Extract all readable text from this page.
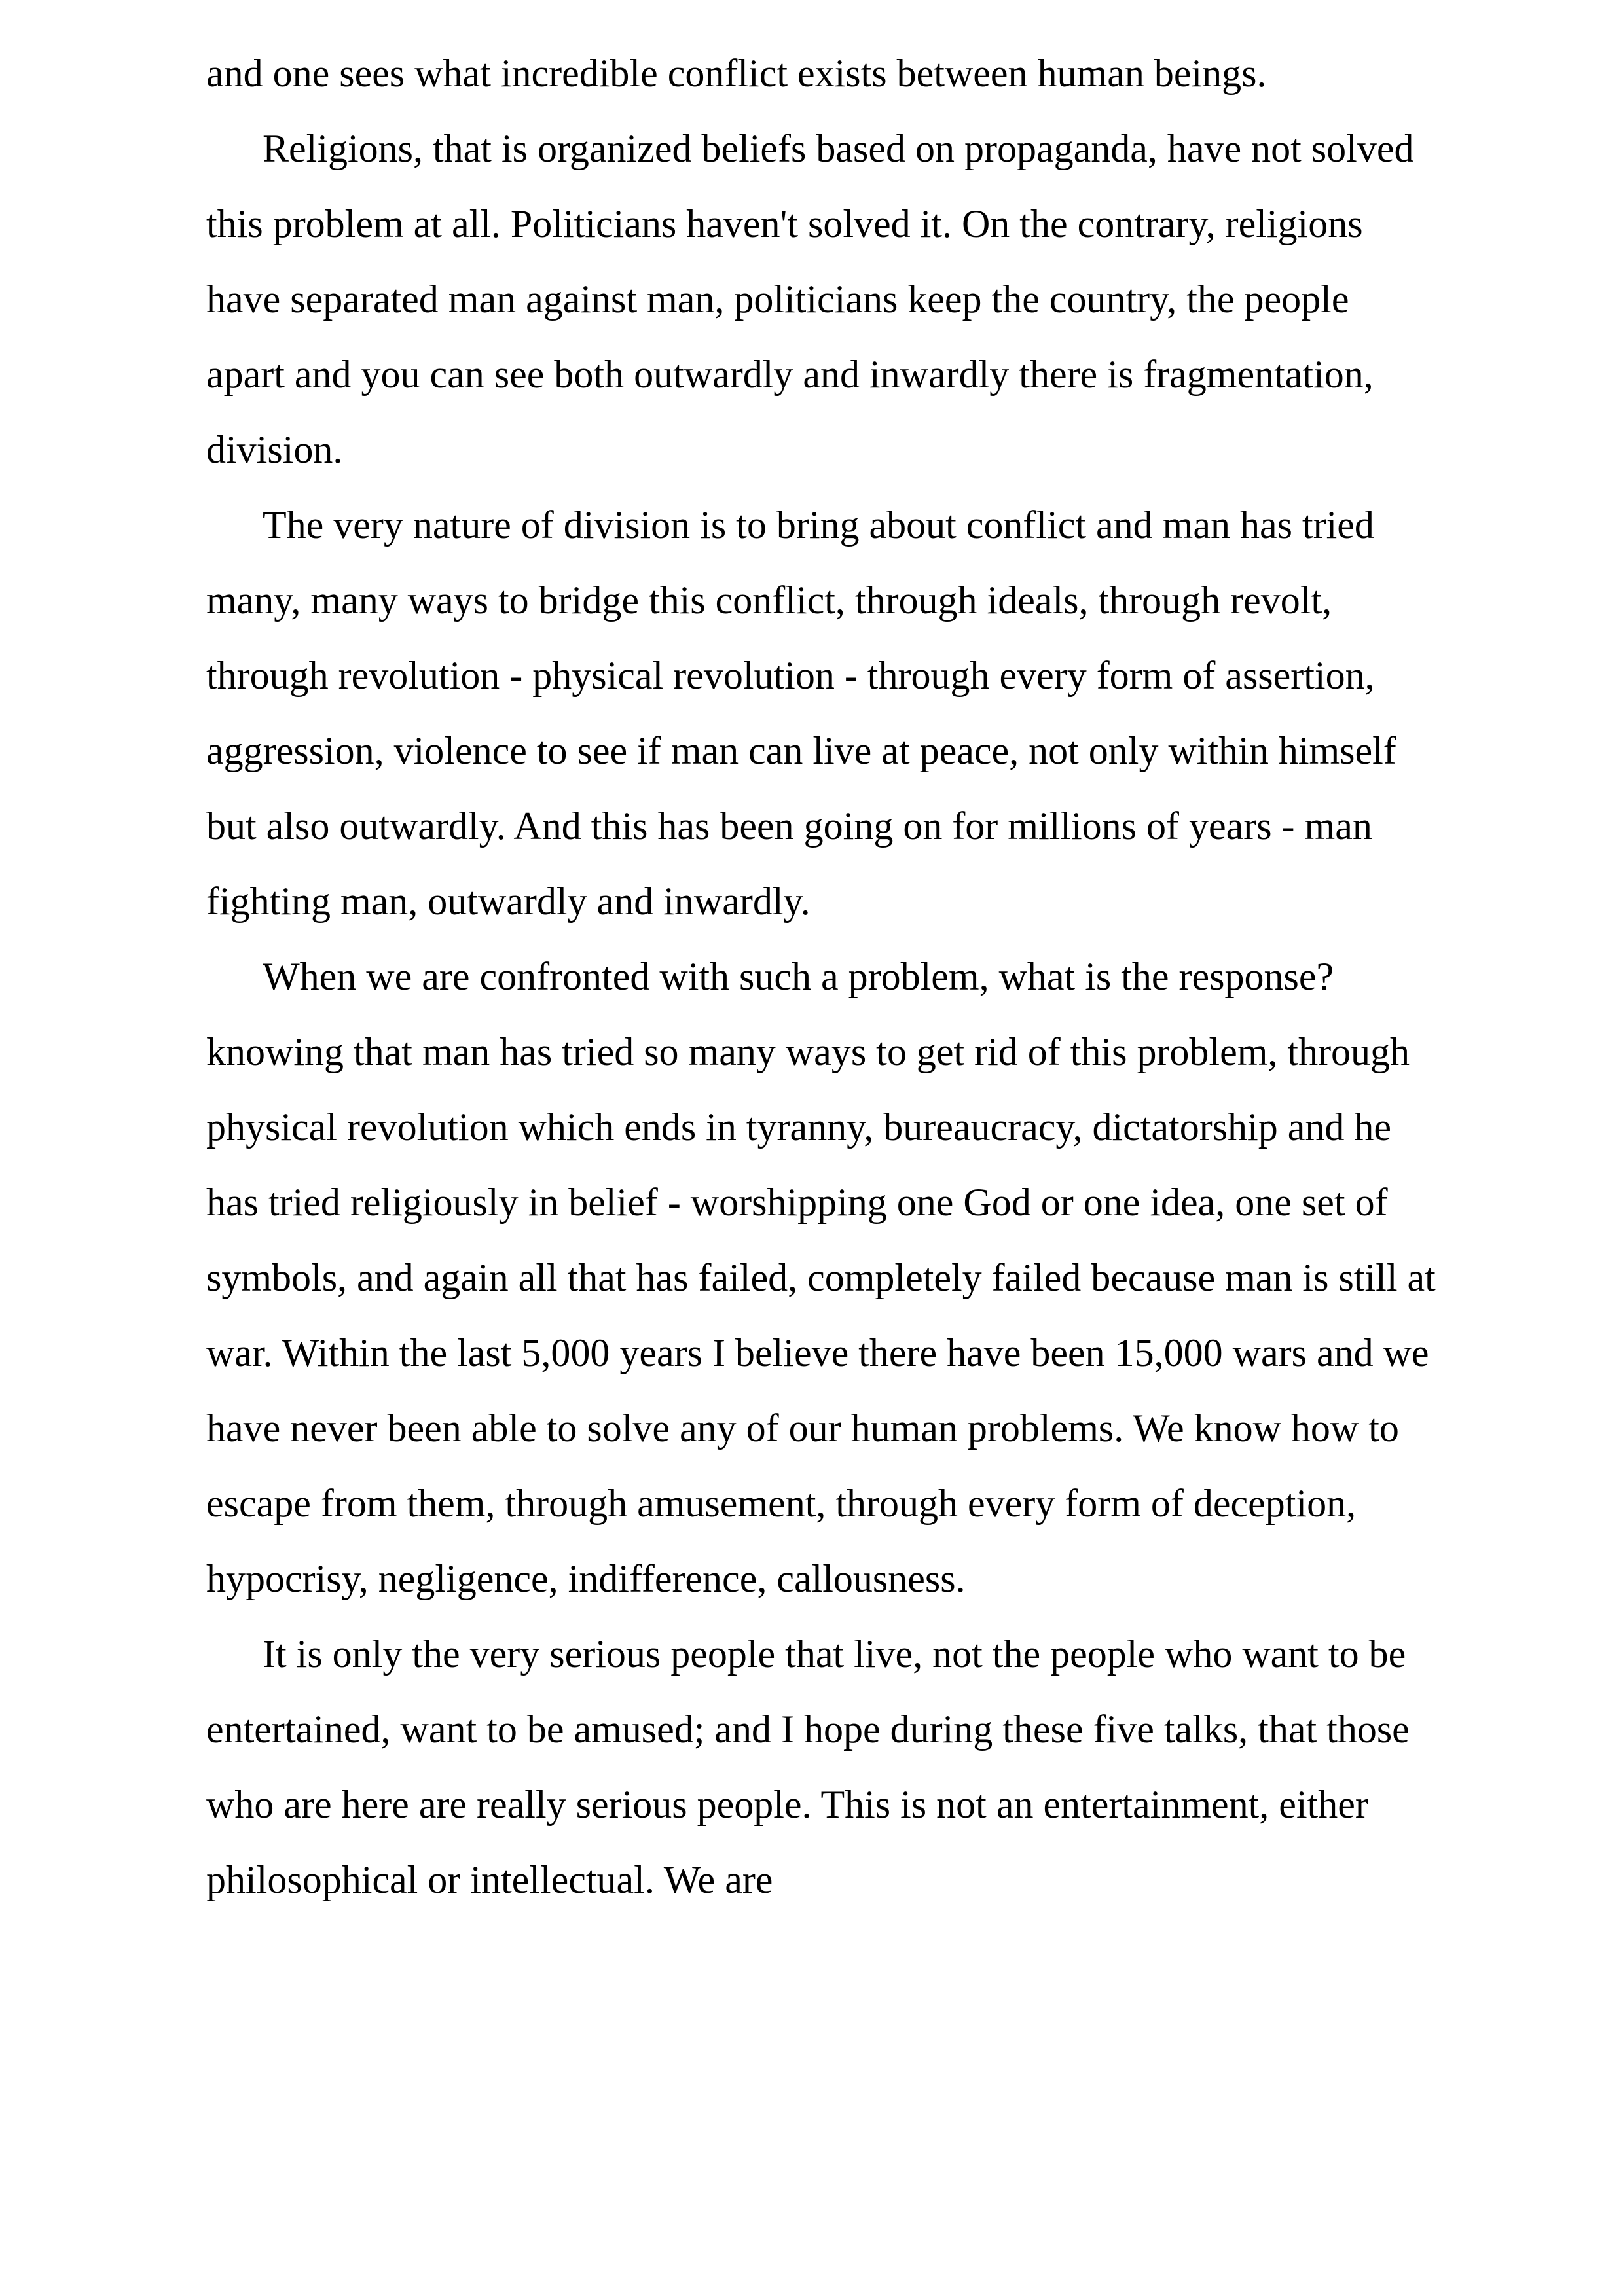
and one sees what incredible conflict exists between human beings.

Religions, that is organized beliefs based on propaganda, have not solved this problem at all. Politicians haven't solved it. On the contrary, religions have separated man against man, politicians keep the country, the people apart and you can see both outwardly and inwardly there is fragmentation, division.

The very nature of division is to bring about conflict and man has tried many, many ways to bridge this conflict, through ideals, through revolt, through revolution - physical revolution - through every form of assertion, aggression, violence to see if man can live at peace, not only within himself but also outwardly. And this has been going on for millions of years - man fighting man, outwardly and inwardly.

When we are confronted with such a problem, what is the response? knowing that man has tried so many ways to get rid of this problem, through physical revolution which ends in tyranny, bureaucracy, dictatorship and he has tried religiously in belief - worshipping one God or one idea, one set of symbols, and again all that has failed, completely failed because man is still at war. Within the last 5,000 years I believe there have been 15,000 wars and we have never been able to solve any of our human problems. We know how to escape from them, through amusement, through every form of deception, hypocrisy, negligence, indifference, callousness.

It is only the very serious people that live, not the people who want to be entertained, want to be amused; and I hope during these five talks, that those who are here are really serious people. This is not an entertainment, either philosophical or intellectual. We are
